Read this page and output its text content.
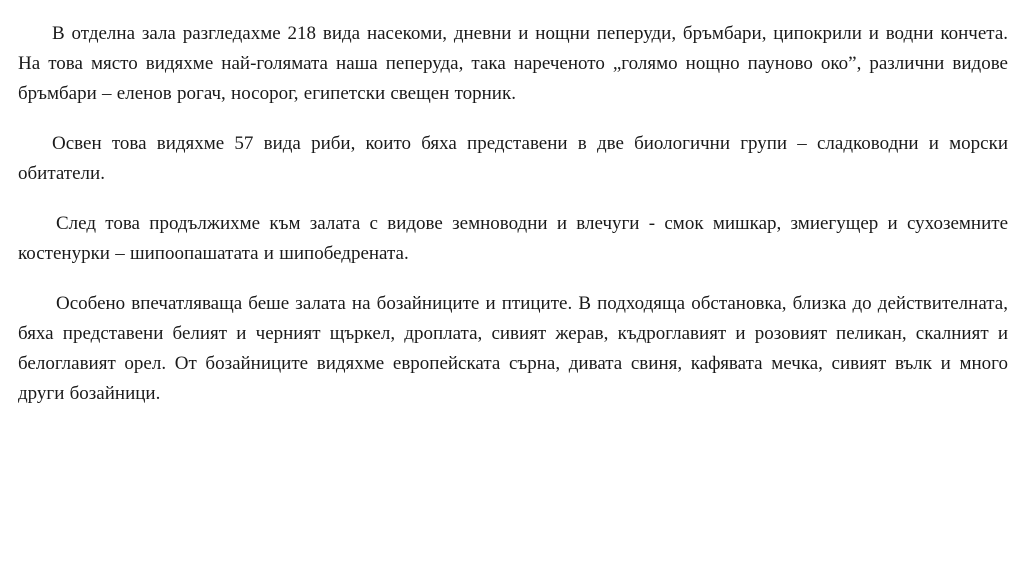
В отделна зала разгледахме 218 вида насекоми, дневни и нощни пеперуди, бръмбари, ципокрили и водни кончета. На това място видяхме най-голямата наша пеперуда, така нареченото „голямо нощно пауново око”, различни видове бръмбари – еленов рогач, носорог, египетски свещен торник.

Освен това видяхме 57 вида риби, които бяха представени в две биологични групи – сладководни и морски обитатели.

След това продължихме към залата с видове земноводни и влечуги - смок мишкар, змиегущер и сухоземните костенурки – шипоопашатата и шипобедрената.

Особено впечатляваща беше залата на бозайниците и птиците. В подходяща обстановка, близка до действителната, бяха представени белият и черният щъркел, дроплата, сивият жерав, къдроглавият и розовият пеликан, скалният и белоглавият орел. От бозайниците видяхме европейската сърна, дивата свиня, кафявата мечка, сивият вълк и много други бозайници.
